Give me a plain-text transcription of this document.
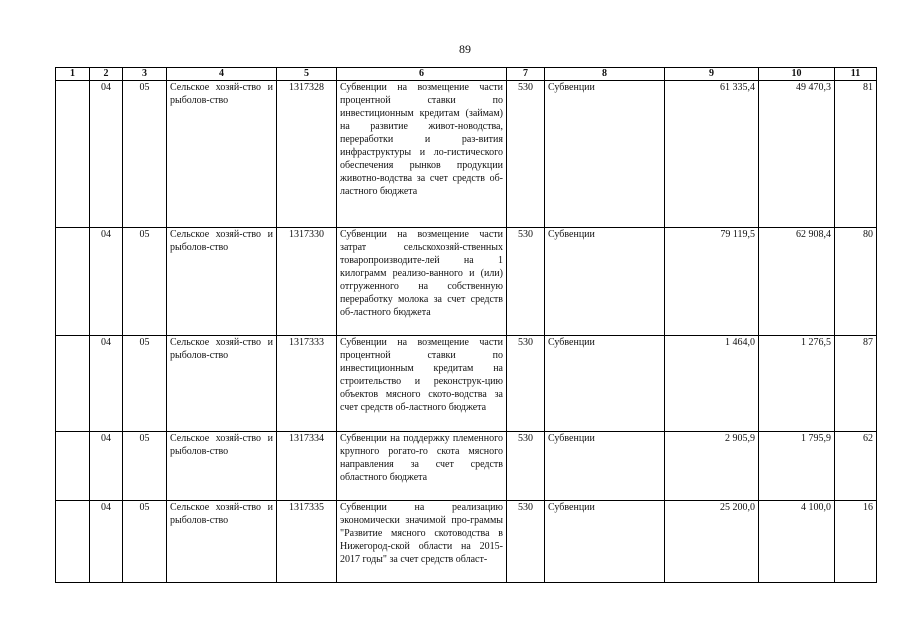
89
1	2	3	4	5	6	7	8	9	10	11
	04	05	Сельское хозяй-ство и рыболов-ство	1317328	Субвенции на возмещение части процентной ставки по инвестиционным кредитам (займам) на развитие живот-новодства, переработки и раз-вития инфраструктуры и ло-гистического обеспечения рынков продукции животно-водства за счет средств об-ластного бюджета	530	Субвенции	61 335,4	49 470,3	81
	04	05	Сельское хозяй-ство и рыболов-ство	1317330	Субвенции на возмещение части затрат сельскохозяй-ственных товаропроизводите-лей на 1 килограмм реализо-ванного и (или) отгруженного на собственную переработку молока за счет средств об-ластного бюджета	530	Субвенции	79 119,5	62 908,4	80
	04	05	Сельское хозяй-ство и рыболов-ство	1317333	Субвенции на возмещение части процентной ставки по инвестиционным кредитам на строительство и реконструк-цию объектов мясного ското-водства за счет средств об-ластного бюджета	530	Субвенции	1 464,0	1 276,5	87
	04	05	Сельское хозяй-ство и рыболов-ство	1317334	Субвенции на поддержку племенного крупного рогато-го скота мясного направления за счет средств областного бюджета	530	Субвенции	2 905,9	1 795,9	62
	04	05	Сельское хозяй-ство и рыболов-ство	1317335	Субвенции на реализацию экономически значимой про-граммы "Развитие мясного скотоводства в Нижегород-ской области на 2015-2017 годы" за счет средств област-	530	Субвенции	25 200,0	4 100,0	16
